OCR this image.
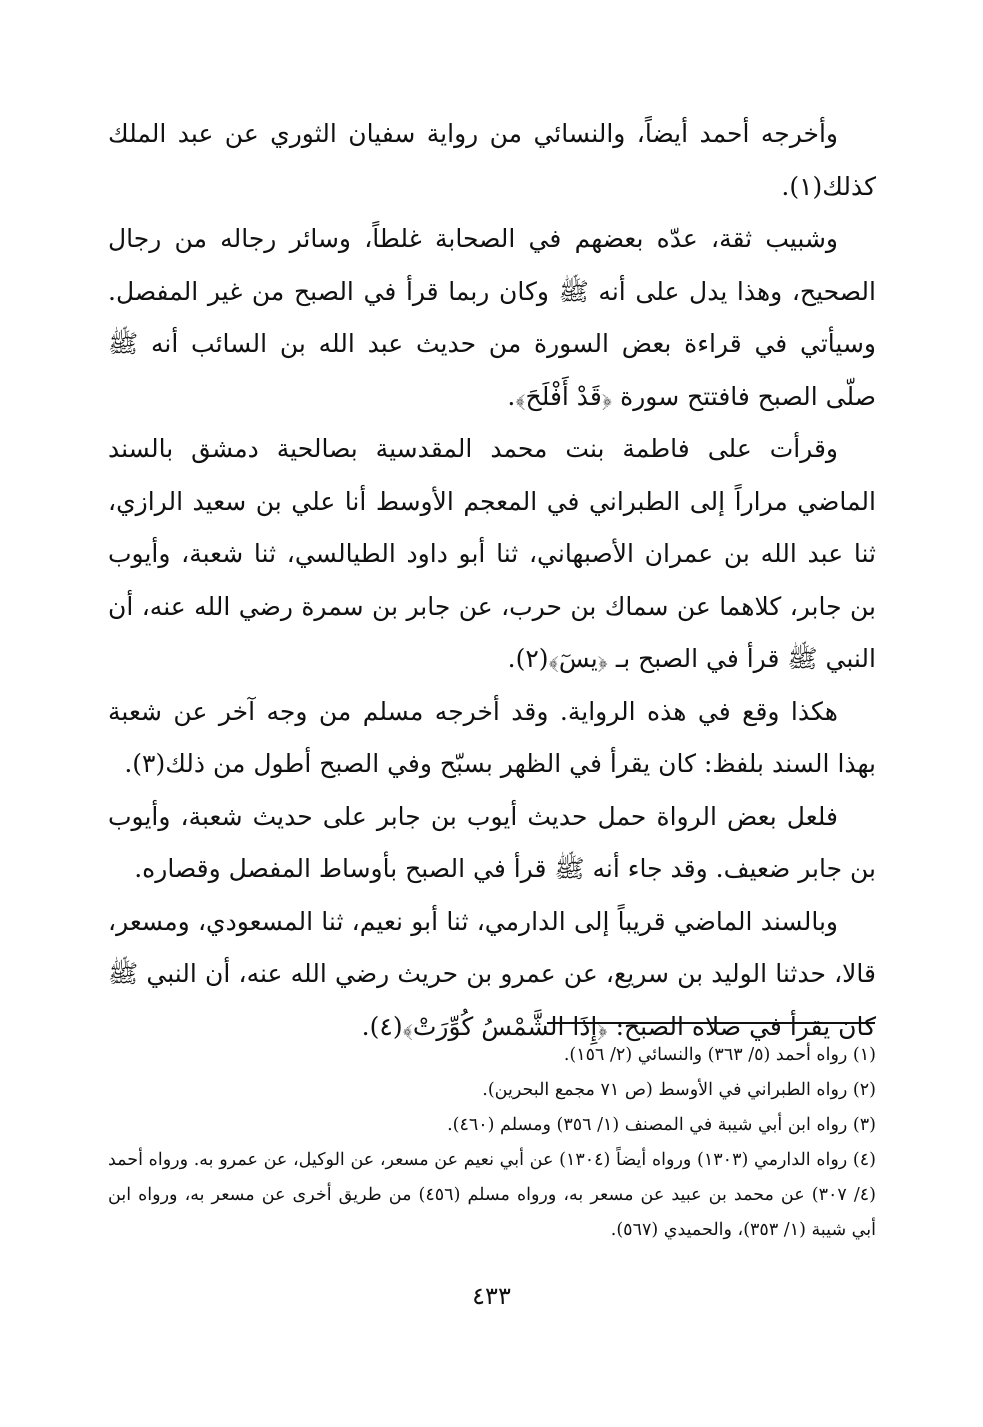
وأخرجه أحمد أيضاً، والنسائي من رواية سفيان الثوري عن عبد الملك كذلك(١).

وشبيب ثقة، عدّه بعضهم في الصحابة غلطاً، وسائر رجاله من رجال الصحيح، وهذا يدل على أنه ﷺ وكان ربما قرأ في الصبح من غير المفصل. وسيأتي في قراءة بعض السورة من حديث عبد الله بن السائب أنه ﷺ صلّى الصبح فافتتح سورة ﴿قَدْ أَفْلَحَ﴾.

وقرأت على فاطمة بنت محمد المقدسية بصالحية دمشق بالسند الماضي مراراً إلى الطبراني في المعجم الأوسط أنا علي بن سعيد الرازي، ثنا عبد الله بن عمران الأصبهاني، ثنا أبو داود الطيالسي، ثنا شعبة، وأيوب بن جابر، كلاهما عن سماك بن حرب، عن جابر بن سمرة رضي الله عنه، أن النبي ﷺ قرأ في الصبح بـ ﴿يسٓ﴾(٢).

هكذا وقع في هذه الرواية. وقد أخرجه مسلم من وجه آخر عن شعبة بهذا السند بلفظ: كان يقرأ في الظهر بسبّح وفي الصبح أطول من ذلك(٣).

فلعل بعض الرواة حمل حديث أيوب بن جابر على حديث شعبة، وأيوب بن جابر ضعيف. وقد جاء أنه ﷺ قرأ في الصبح بأوساط المفصل وقصاره.

وبالسند الماضي قريباً إلى الدارمي، ثنا أبو نعيم، ثنا المسعودي، ومسعر، قالا، حدثنا الوليد بن سريع، عن عمرو بن حريث رضي الله عنه، أن النبي ﷺ كان يقرأ في صلاة الصبح: ﴿إِذَا الشَّمْسُ كُوِّرَتْ﴾(٤).

(١) رواه أحمد (٥/ ٣٦٣) والنسائي (٢/ ١٥٦).

(٢) رواه الطبراني في الأوسط (ص ٧١ مجمع البحرين).

(٣) رواه ابن أبي شيبة في المصنف (١/ ٣٥٦) ومسلم (٤٦٠).

(٤) رواه الدارمي (١٣٠٣) ورواه أيضاً (١٣٠٤) عن أبي نعيم عن مسعر، عن الوكيل، عن عمرو به. ورواه أحمد (٤/ ٣٠٧) عن محمد بن عبيد عن مسعر به، ورواه مسلم (٤٥٦) من طريق أخرى عن مسعر به، ورواه ابن أبي شيبة (١/ ٣٥٣)، والحميدي (٥٦٧).

٤٣٣
